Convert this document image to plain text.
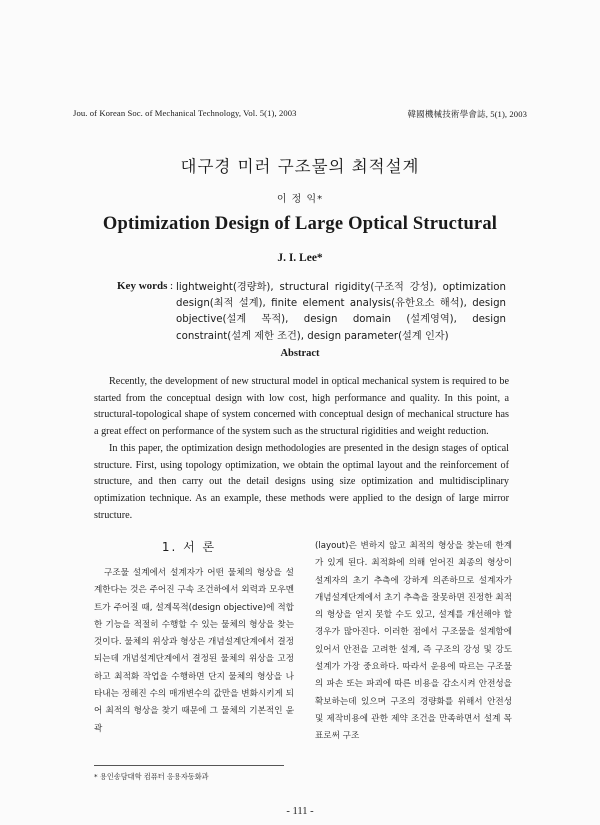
Jou. of Korean Soc. of Mechanical Technology, Vol. 5(1), 2003	韓國機械技術學會誌, 5(1), 2003
대구경 미러 구조물의 최적설계
이 정 익*
Optimization Design of Large Optical Structural
J. I. Lee*
Key words : lightweight(경량화), structural rigidity(구조적 강성), optimization design(최적 설계), finite element analysis(유한요소 해석), design objective(설계 목적), design domain (설계영역), design constraint(설계 제한 조건), design parameter(설계 인자)
Abstract

Recently, the development of new structural model in optical mechanical system is required to be started from the conceptual design with low cost, high performance and quality. In this point, a structural-topological shape of system concerned with conceptual design of mechanical structure has a great effect on performance of the system such as the structural rigidities and weight reduction.

In this paper, the optimization design methodologies are presented in the design stages of optical structure. First, using topology optimization, we obtain the optimal layout and the reinforcement of structure, and then carry out the detail designs using size optimization and multidisciplinary optimization technique. As an example, these methods were applied to the design of large mirror structure.

1. 서 론

구조물 설계에서 설계자가 어떤 물체의 형상을 설계한다는 것은 주어진 구속 조건하에서 외력과 모우멘트가 주어질 때, 설계목적(design objective)에 적합한 기능을 적절히 수행할 수 있는 물체의 형상을 찾는 것이다. 물체의 위상과 형상은 개념설계단계에서 결정되는데 개념설계단계에서 결정된 물체의 위상을 고정하고 최적화 작업을 수행하면 단지 물체의 형상을 나타내는 정해진 수의 매개변수의 값만을 변화시키게 되어 최적의 형상을 찾기 때문에 그 물체의 기본적인 윤곽

(layout)은 변하지 않고 최적의 형상을 찾는데 한계가 있게 된다. 최적화에 의해 얻어진 최종의 형상이 설계자의 초기 추측에 강하게 의존하므로 설계자가 개념설계단계에서 초기 추측을 잘못하면 진정한 최적의 형상을 얻지 못할 수도 있고, 설계를 개선해야 할 경우가 많아진다. 이러한 점에서 구조물을 설계함에 있어서 안전을 고려한 설계, 즉 구조의 강성 및 강도 설계가 가장 중요하다. 따라서 운용에 따르는 구조물의 파손 또는 파괴에 따른 비용을 감소시켜 안전성을 확보하는데 있으며 구조의 경량화를 위해서 안전성 및 제작비용에 관한 제약 조건을 만족하면서 설계 목표로써 구조

* 용인송담대학 컴퓨터 응용자동화과
- 111 -
